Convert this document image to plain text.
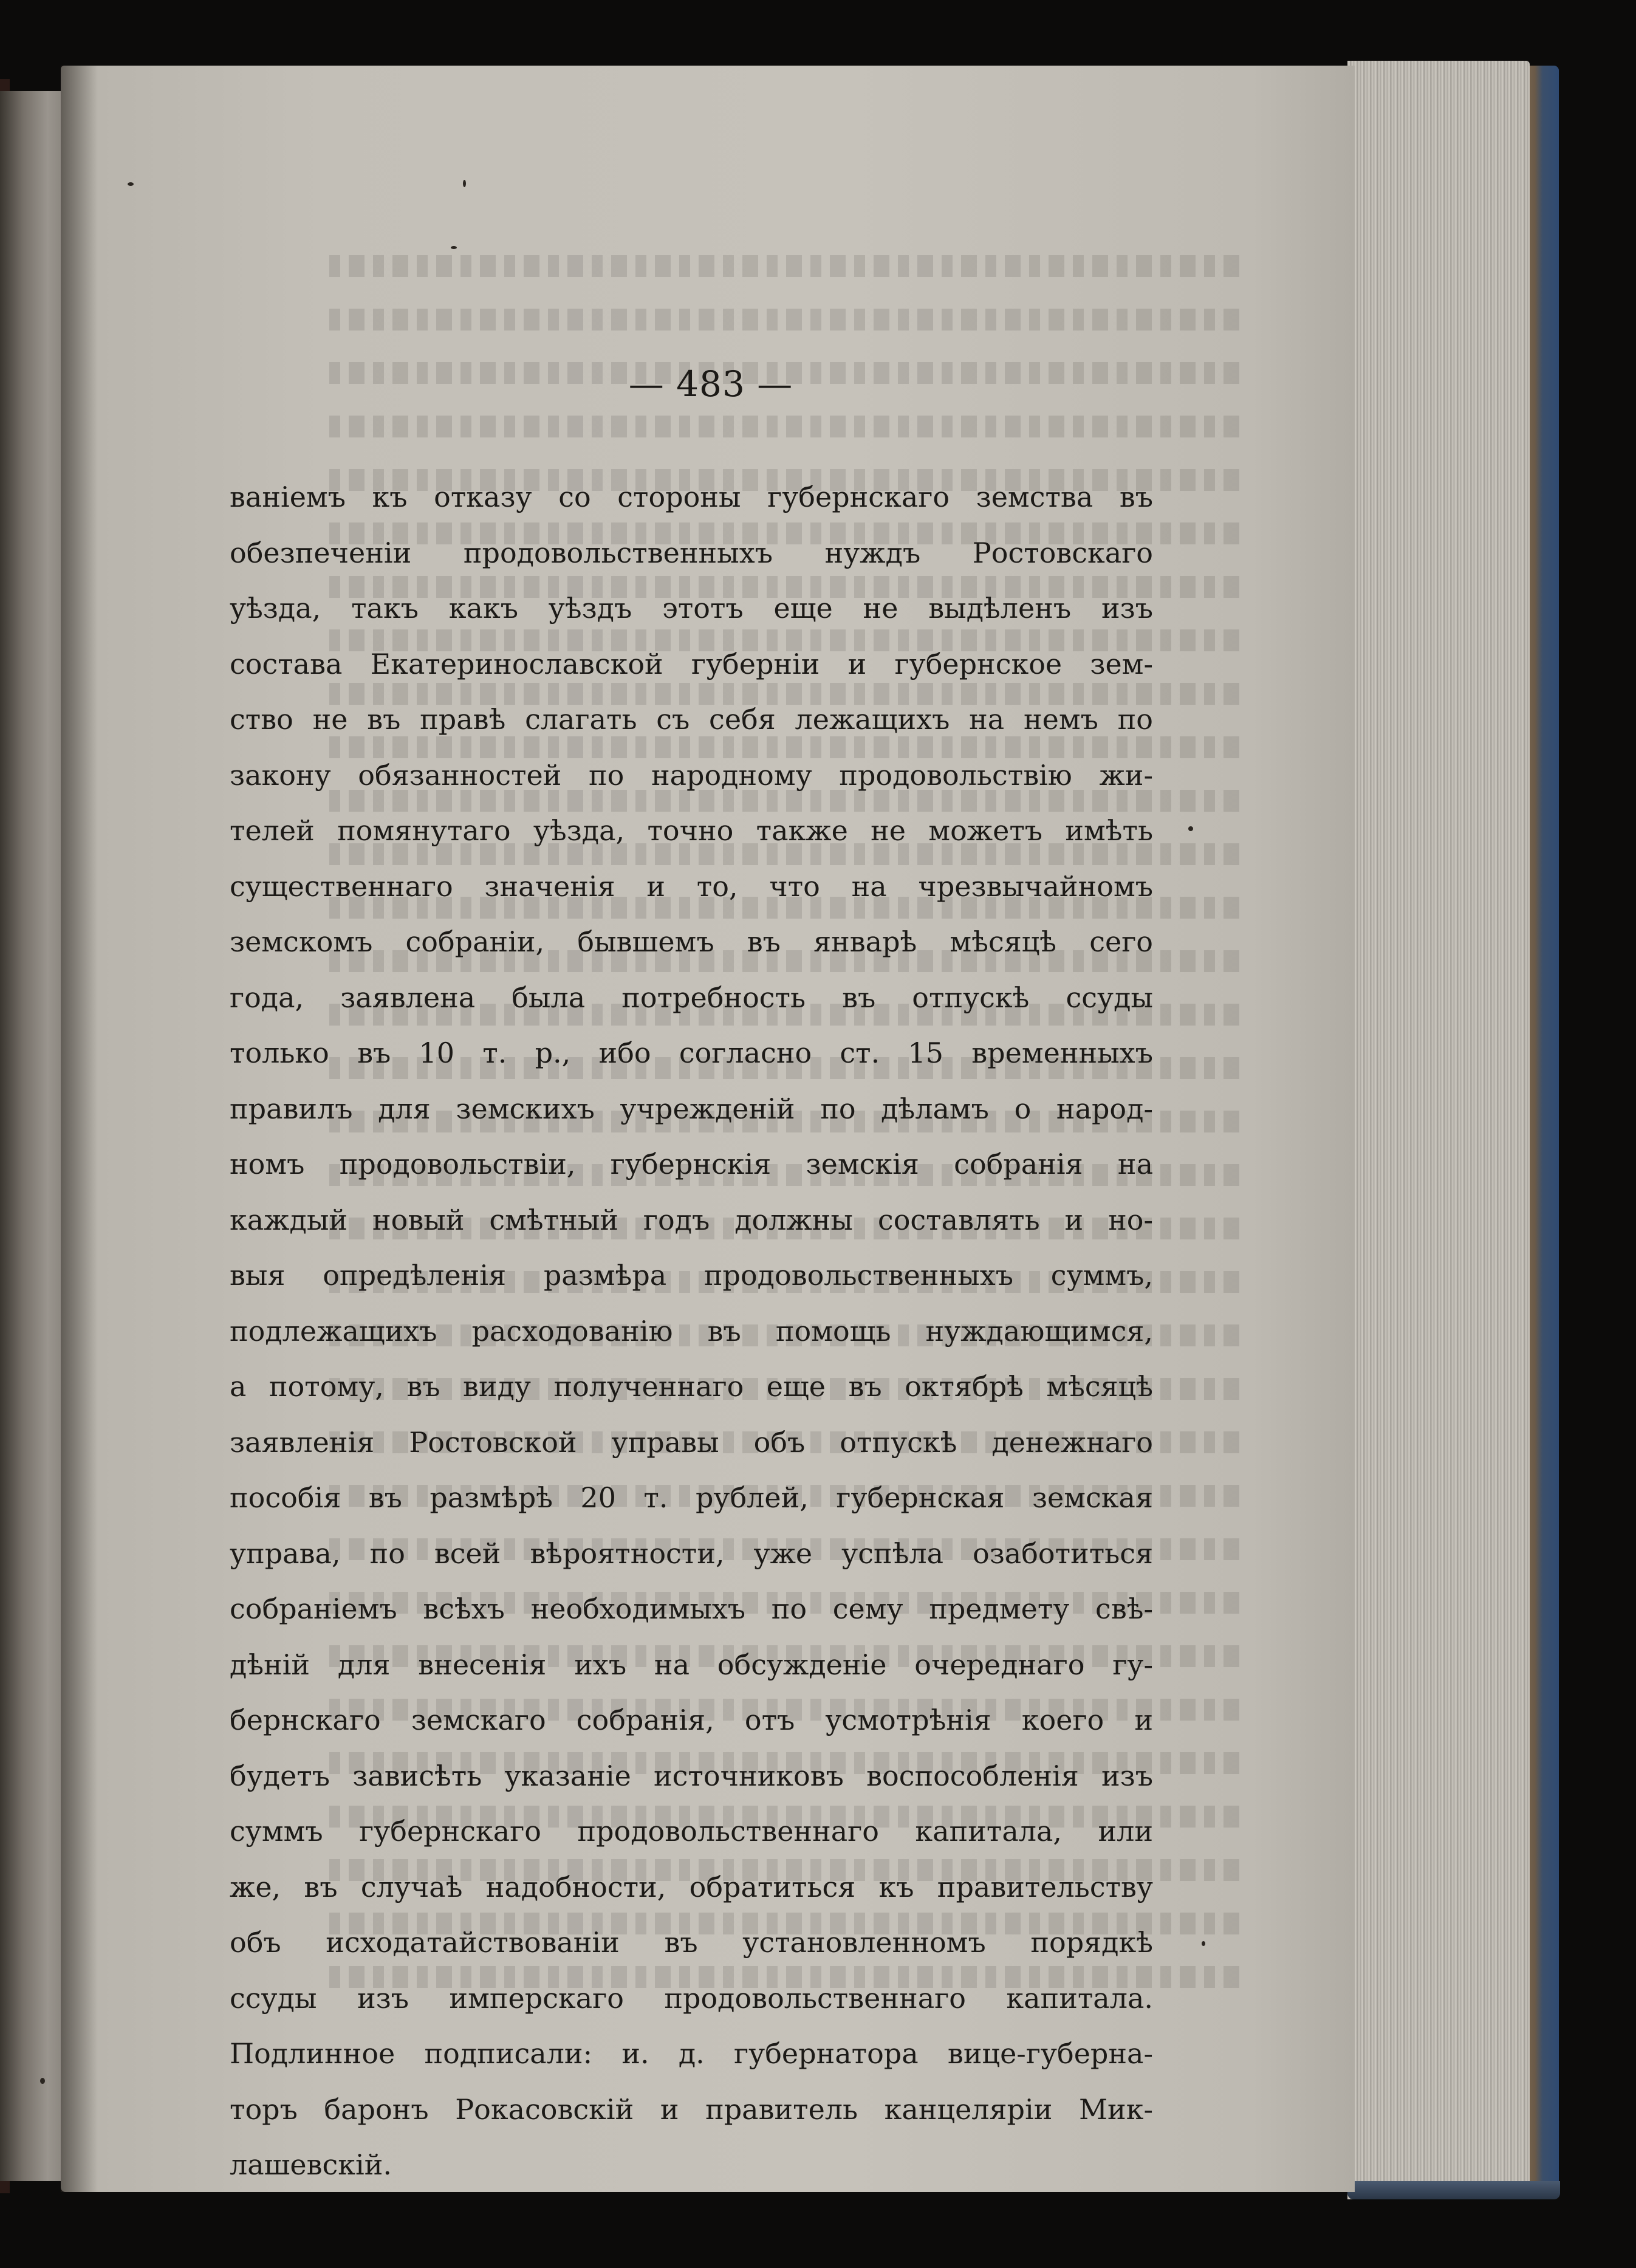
— 483 —
ваніемъ къ отказу со стороны губернскаго земства въ
обезпеченіи продовольственныхъ нуждъ Ростовскаго
уѣзда, такъ какъ уѣздъ этотъ еще не выдѣленъ изъ
состава Екатеринославской губерніи и губернское зем-
ство не въ правѣ слагать съ себя лежащихъ на немъ по
закону обязанностей по народному продовольствію жи-
телей помянутаго уѣзда, точно также не можетъ имѣть
существеннаго значенія и то, что на чрезвычайномъ
земскомъ собраніи, бывшемъ въ январѣ мѣсяцѣ сего
года, заявлена была потребность въ отпускѣ ссуды
только въ 10 т. р., ибо согласно ст. 15 временныхъ
правилъ для земскихъ учрежденій по дѣламъ о народ-
номъ продовольствіи, губернскія земскія собранія на
каждый новый смѣтный годъ должны составлять и но-
выя опредѣленія размѣра продовольственныхъ суммъ,
подлежащихъ расходованію въ помощь нуждающимся,
а потому, въ виду полученнаго еще въ октябрѣ мѣсяцѣ
заявленія Ростовской управы объ отпускѣ денежнаго
пособія въ размѣрѣ 20 т. рублей, губернская земская
управа, по всей вѣроятности, уже успѣла озаботиться
собраніемъ всѣхъ необходимыхъ по сему предмету свѣ-
дѣній для внесенія ихъ на обсужденіе очереднаго гу-
бернскаго земскаго собранія, отъ усмотрѣнія коего и
будетъ зависѣть указаніе источниковъ воспособленія изъ
суммъ губернскаго продовольственнаго капитала, или
же, въ случаѣ надобности, обратиться къ правительству
объ исходатайствованіи въ установленномъ порядкѣ
ссуды изъ имперскаго продовольственнаго капитала.
Подлинное подписали: и. д. губернатора вице-губерна-
торъ баронъ Рокасовскій и правитель канцеляріи Мик-
лашевскій.
